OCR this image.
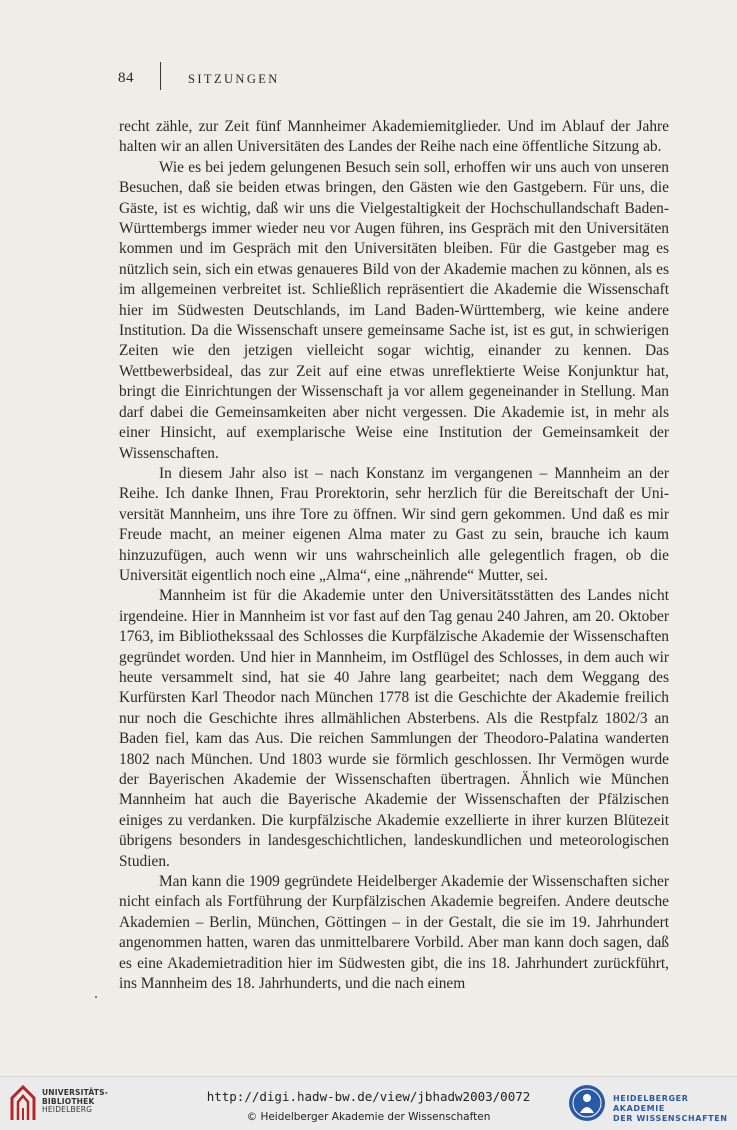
84	SITZUNGEN

recht zähle, zur Zeit fünf Mannheimer Akademiemitglieder. Und im Ablauf der Jahre halten wir an allen Universitäten des Landes der Reihe nach eine öffentliche Sitzung ab.

Wie es bei jedem gelungenen Besuch sein soll, erhoffen wir uns auch von unseren Besuchen, daß sie beiden etwas bringen, den Gästen wie den Gastgebern. Für uns, die Gäste, ist es wichtig, daß wir uns die Vielgestaltigkeit der Hochschullandschaft Baden-Württembergs immer wieder neu vor Augen führen, ins Gespräch mit den Universitäten kommen und im Gespräch mit den Universitäten bleiben. Für die Gastgeber mag es nützlich sein, sich ein etwas genaueres Bild von der Akademie machen zu können, als es im allgemeinen verbreitet ist. Schließlich repräsentiert die Akademie die Wissenschaft hier im Südwesten Deutschlands, im Land Baden-Württemberg, wie keine andere Institution. Da die Wissenschaft unsere gemeinsame Sache ist, ist es gut, in schwierigen Zeiten wie den jetzigen vielleicht sogar wichtig, einander zu kennen. Das Wettbewerbsideal, das zur Zeit auf eine etwas unreflektierte Weise Konjunktur hat, bringt die Einrichtungen der Wissenschaft ja vor allem gegeneinander in Stellung. Man darf dabei die Gemeinsamkeiten aber nicht vergessen. Die Akademie ist, in mehr als einer Hinsicht, auf exemplarische Weise eine Institution der Gemeinsamkeit der Wissenschaften.

In diesem Jahr also ist – nach Konstanz im vergangenen – Mannheim an der Reihe. Ich danke Ihnen, Frau Prorektorin, sehr herzlich für die Bereitschaft der Universität Mannheim, uns ihre Tore zu öffnen. Wir sind gern gekommen. Und daß es mir Freude macht, an meiner eigenen Alma mater zu Gast zu sein, brauche ich kaum hinzuzufügen, auch wenn wir uns wahrscheinlich alle gelegentlich fragen, ob die Universität eigentlich noch eine „Alma“, eine „nährende“ Mutter, sei.

Mannheim ist für die Akademie unter den Universitätsstätten des Landes nicht irgendeine. Hier in Mannheim ist vor fast auf den Tag genau 240 Jahren, am 20. Oktober 1763, im Bibliothekssaal des Schlosses die Kurpfälzische Akademie der Wissenschaften gegründet worden. Und hier in Mannheim, im Ostflügel des Schlosses, in dem auch wir heute versammelt sind, hat sie 40 Jahre lang gearbeitet; nach dem Weggang des Kurfürsten Karl Theodor nach München 1778 ist die Geschichte der Akademie freilich nur noch die Geschichte ihres allmählichen Absterbens. Als die Restpfalz 1802/3 an Baden fiel, kam das Aus. Die reichen Sammlungen der Theodoro-Palatina wanderten 1802 nach München. Und 1803 wurde sie förmlich geschlossen. Ihr Vermögen wurde der Bayerischen Akademie der Wissenschaften übertragen. Ähnlich wie München Mannheim hat auch die Bayerische Akademie der Wissenschaften der Pfälzischen einiges zu verdanken. Die kurpfälzische Akademie exzellierte in ihrer kurzen Blütezeit übrigens besonders in landesgeschichtlichen, landeskundlichen und meteorologischen Studien.

Man kann die 1909 gegründete Heidelberger Akademie der Wissenschaften sicher nicht einfach als Fortführung der Kurpfälzischen Akademie begreifen. Andere deutsche Akademien – Berlin, München, Göttingen – in der Gestalt, die sie im 19. Jahrhundert angenommen hatten, waren das unmittelbarere Vorbild. Aber man kann doch sagen, daß es eine Akademietradition hier im Südwesten gibt, die ins 18. Jahrhundert zurückführt, ins Mannheim des 18. Jahrhunderts, und die nach einem

UNIVERSITÄTS-
BIBLIOTHEK
HEIDELBERG
http://digi.hadw-bw.de/view/jbhadw2003/0072
© Heidelberger Akademie der Wissenschaften
HEIDELBERGER AKADEMIE
DER WISSENSCHAFTEN
